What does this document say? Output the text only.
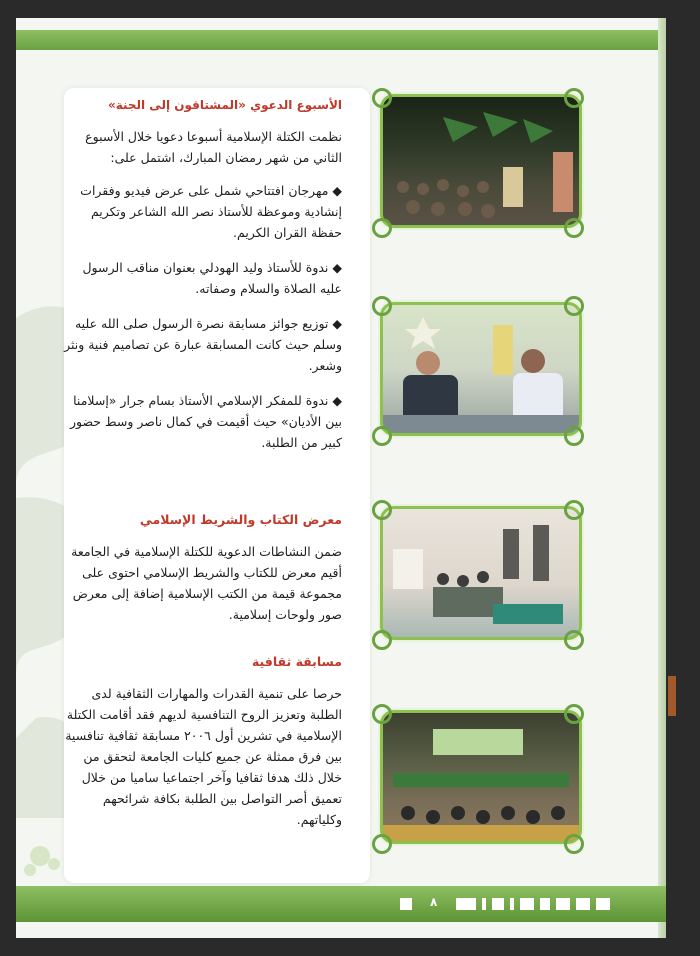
الأسبوع الدعوي «المشتاقون إلى الجنة»

نظمت الكتلة الإسلامية أسبوعا دعويا خلال الأسبوع الثاني من شهر رمضان المبارك، اشتمل على:

◆ مهرجان افتتاحي شمل على عرض فيديو وفقرات إنشادية وموعظة للأستاذ نصر الله الشاعر وتكريم حفظة القران الكريم.

◆ ندوة للأستاذ وليد الهودلي بعنوان مناقب الرسول عليه الصلاة والسلام وصفاته.

◆ توزيع جوائز مسابقة نصرة الرسول صلى الله عليه وسلم حيث كانت المسابقة عبارة عن تصاميم فنية ونثر وشعر.

◆ ندوة للمفكر الإسلامي الأستاذ بسام جرار «إسلامنا بين الأديان» حيث أقيمت في كمال ناصر وسط حضور كبير من الطلبة.

معرض الكتاب والشريط الإسلامي

ضمن النشاطات الدعوية للكتلة الإسلامية في الجامعة أقيم معرض للكتاب والشريط الإسلامي احتوى على مجموعة قيمة من الكتب الإسلامية إضافة إلى معرض صور ولوحات إسلامية.

مسابقة ثقافية

حرصا على تنمية القدرات والمهارات الثقافية لدى الطلبة وتعزيز الروح التنافسية لديهم فقد أقامت الكتلة الإسلامية في تشرين أول ٢٠٠٦ مسابقة ثقافية تنافسية بين فرق ممثلة عن جميع كليات الجامعة لتحقق من خلال ذلك هدفا ثقافيا وآخر اجتماعيا ساميا من خلال تعميق أصر التواصل بين الطلبة بكافة شرائحهم وكلياتهم.

٨
